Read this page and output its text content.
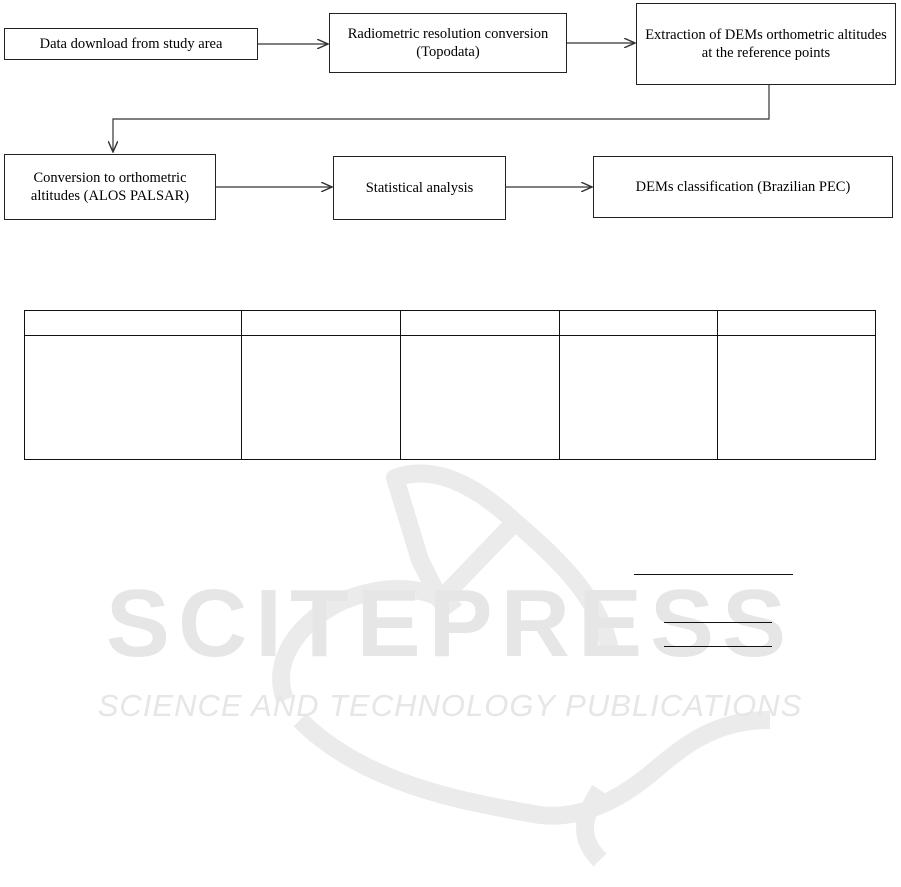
Data download from study area
Radiometric resolution conversion (Topodata)
Extraction of DEMs orthometric altitudes at the reference points
Conversion to orthometric altitudes (ALOS PALSAR)
Statistical analysis	DEMs classification (Brazilian PEC)
SCITEPRESS
SCIENCE AND TECHNOLOGY PUBLICATIONS
